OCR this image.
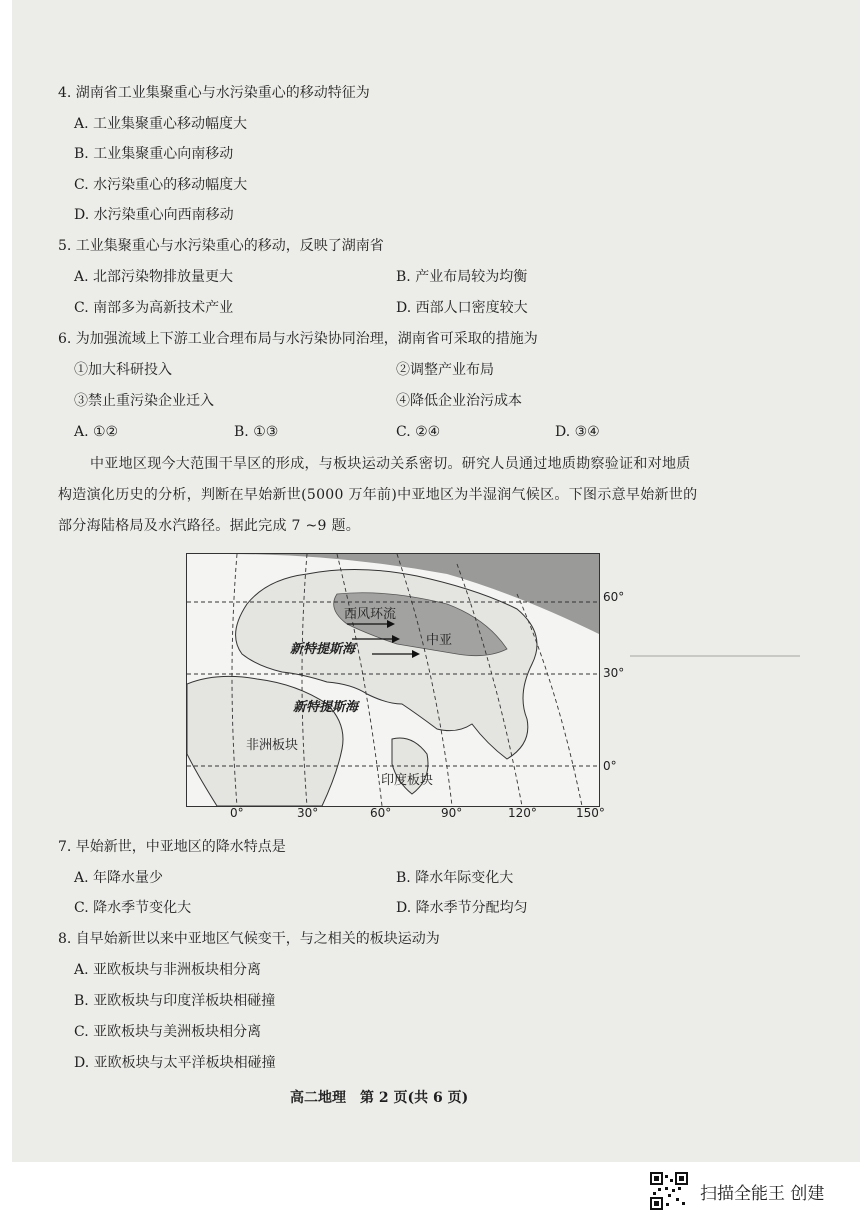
4. 湖南省工业集聚重心与水污染重心的移动特征为
A. 工业集聚重心移动幅度大
B. 工业集聚重心向南移动
C. 水污染重心的移动幅度大
D. 水污染重心向西南移动
5. 工业集聚重心与水污染重心的移动，反映了湖南省
A. 北部污染物排放量更大	B. 产业布局较为均衡
C. 南部多为高新技术产业	D. 西部人口密度较大
6. 为加强流域上下游工业合理布局与水污染协同治理，湖南省可采取的措施为
①加大科研投入	②调整产业布局
③禁止重污染企业迁入	④降低企业治污成本
A. ①②	B. ①③	C. ②④	D. ③④
中亚地区现今大范围干旱区的形成，与板块运动关系密切。研究人员通过地质勘察验证和对地质
构造演化历史的分析，判断在早始新世(5000 万年前)中亚地区为半湿润气候区。下图示意早始新世的
部分海陆格局及水汽路径。据此完成 7 ~9 题。
西风环流
中亚
新特提斯海
新特提斯海
非洲板块
印度板块
60°
30°
0°
0°	30°	60°	90°	120°	150°
7. 早始新世，中亚地区的降水特点是
A. 年降水量少	B. 降水年际变化大
C. 降水季节变化大	D. 降水季节分配均匀
8. 自早始新世以来中亚地区气候变干，与之相关的板块运动为
A. 亚欧板块与非洲板块相分离
B. 亚欧板块与印度洋板块相碰撞
C. 亚欧板块与美洲板块相分离
D. 亚欧板块与太平洋板块相碰撞
高二地理　第 2 页(共 6 页)
扫描全能王 创建
